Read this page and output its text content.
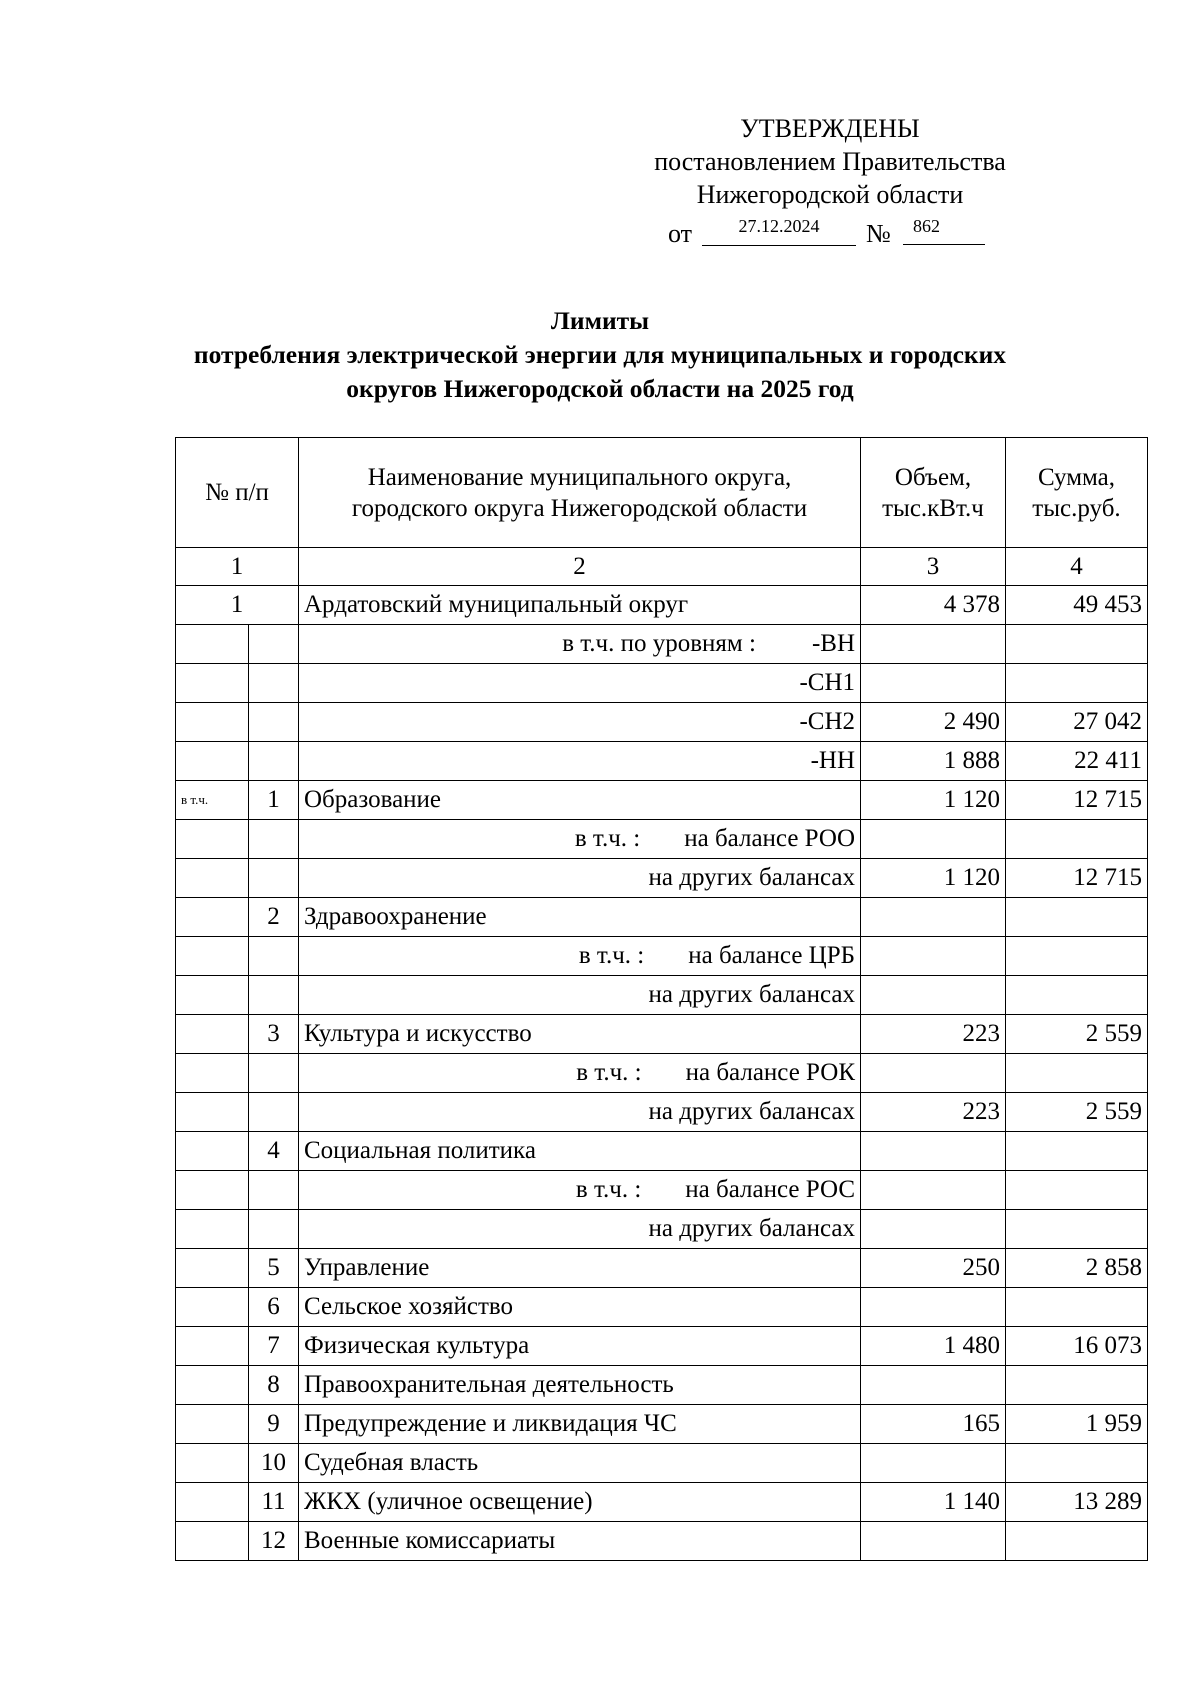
УТВЕРЖДЕНЫ
постановлением Правительства
Нижегородской области
от	27.12.2024	№	862
Лимиты
потребления электрической энергии для муниципальных и городских
округов Нижегородской области на 2025 год
№ п/п		Наименование муниципального округа, городского округа Нижегородской области	Объем, тыс.кВт.ч	Сумма, тыс.руб.
1		2	3	4
1		Ардатовский муниципальный округ	4 378	49 453
		в т.ч. по уровням : -ВН		
		-СН1		
		-СН2	2 490	27 042
		-НН	1 888	22 411
в т.ч.	1	Образование	1 120	12 715
		в т.ч. : на балансе РОО		
		на других балансах	1 120	12 715
	2	Здравоохранение		
		в т.ч. : на балансе ЦРБ		
		на других балансах		
	3	Культура и искусство	223	2 559
		в т.ч. : на балансе РОК		
		на других балансах	223	2 559
	4	Социальная политика		
		в т.ч. : на балансе РОС		
		на других балансах		
	5	Управление	250	2 858
	6	Сельское хозяйство		
	7	Физическая культура	1 480	16 073
	8	Правоохранительная деятельность		
	9	Предупреждение и ликвидация ЧС	165	1 959
	10	Судебная власть		
	11	ЖКХ (уличное освещение)	1 140	13 289
	12	Военные комиссариаты		
